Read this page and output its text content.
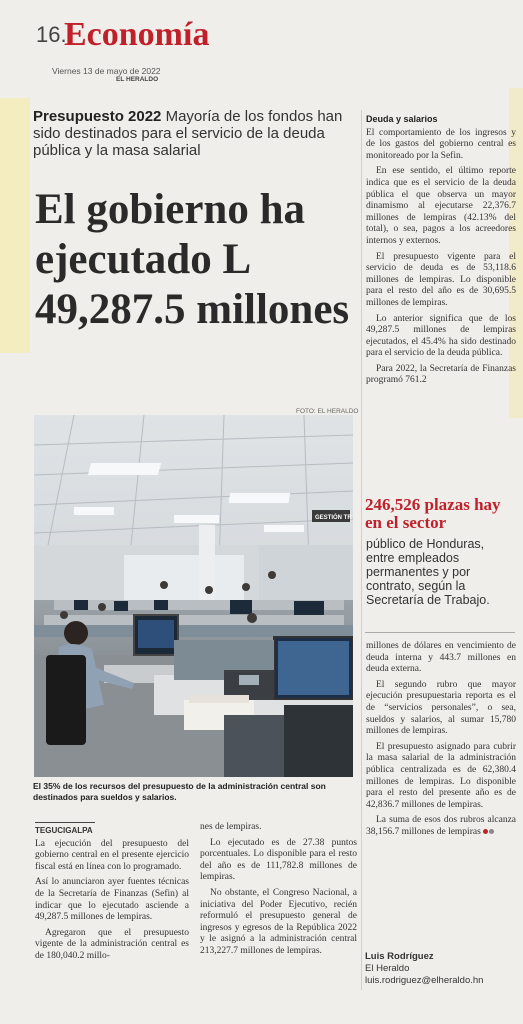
16.
Economía
Viernes 13 de mayo de 2022
EL HERALDO
Presupuesto 2022 Mayoría de los fondos han sido destinados para el servicio de la deuda pública y la masa salarial
El gobierno ha ejecutado L 49,287.5 millones
FOTO: EL HERALDO
GESTIÓN TR
El 35% de los recursos del presupuesto de la administración central son destinados para sueldos y salarios.
TEGUCIGALPA

La ejecución del presupuesto del gobierno central en el presente ejercicio fiscal está en línea con lo programado.

Así lo anunciaron ayer fuentes técnicas de la Secretaría de Finanzas (Sefin) al indicar que lo ejecutado asciende a 49,287.5 millones de lempiras.

Agregaron que el presupuesto vigente de la administración central es de 180,040.2 millo-

nes de lempiras.

Lo ejecutado es de 27.38 puntos porcentuales. Lo disponible para el resto del año es de 111,782.8 millones de lempiras.

No obstante, el Congreso Nacional, a iniciativa del Poder Ejecutivo, recién reformuló el presupuesto general de ingresos y egresos de la República 2022 y le asignó a la administración central 213,227.7 millones de lempiras.

Deuda y salarios

El comportamiento de los ingresos y de los gastos del gobierno central es monitoreado por la Sefin.

En ese sentido, el último reporte indica que es el servicio de la deuda pública el que observa un mayor dinamismo al ejecutarse 22,376.7 millones de lempiras (42.13% del total), o sea, pagos a los acreedores internos y externos.

El presupuesto vigente para el servicio de deuda es de 53,118.6 millones de lempiras. Lo disponible para el resto del año es de 30,695.5 millones de lempiras.

Lo anterior significa que de los 49,287.5 millones de lempiras ejecutados, el 45.4% ha sido destinado para el servicio de la deuda pública.

Para 2022, la Secretaría de Finanzas programó 761.2

246,526 plazas hay en el sector
público de Honduras, entre empleados permanentes y por contrato, según la Secretaría de Trabajo.

millones de dólares en vencimiento de deuda interna y 443.7 millones en deuda externa.

El segundo rubro que mayor ejecución presupuestaria reporta es el de “servicios personales”, o sea, sueldos y salarios, al sumar 15,780 millones de lempiras.

El presupuesto asignado para cubrir la masa salarial de la administración pública centralizada es de 62,380.4 millones de lempiras. Lo disponible para el resto del presente año es de 42,836.7 millones de lempiras.

La suma de esos dos rubros alcanza 38,156.7 millones de lempiras

Luis Rodríguez
El Heraldo
luis.rodriguez@elheraldo.hn
